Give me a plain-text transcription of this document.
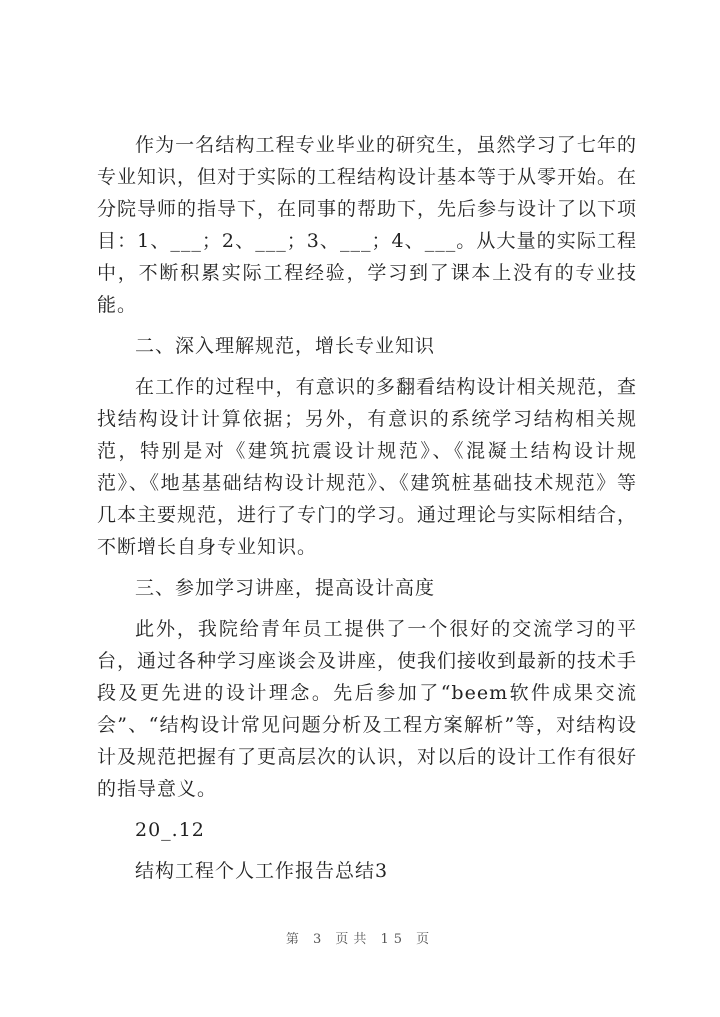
作为一名结构工程专业毕业的研究生，虽然学习了七年的专业知识，但对于实际的工程结构设计基本等于从零开始。在分院导师的指导下，在同事的帮助下，先后参与设计了以下项目：1、___；2、___；3、___；4、___。从大量的实际工程中，不断积累实际工程经验，学习到了课本上没有的专业技能。

二、深入理解规范，增长专业知识

在工作的过程中，有意识的多翻看结构设计相关规范，查找结构设计计算依据；另外，有意识的系统学习结构相关规范，特别是对《建筑抗震设计规范》、《混凝土结构设计规范》、《地基基础结构设计规范》、《建筑桩基础技术规范》等几本主要规范，进行了专门的学习。通过理论与实际相结合，不断增长自身专业知识。

三、参加学习讲座，提高设计高度

此外，我院给青年员工提供了一个很好的交流学习的平台，通过各种学习座谈会及讲座，使我们接收到最新的技术手段及更先进的设计理念。先后参加了“beem软件成果交流会”、“结构设计常见问题分析及工程方案解析”等，对结构设计及规范把握有了更高层次的认识，对以后的设计工作有很好的指导意义。

20_.12

结构工程个人工作报告总结3

第 3 页共 15 页
